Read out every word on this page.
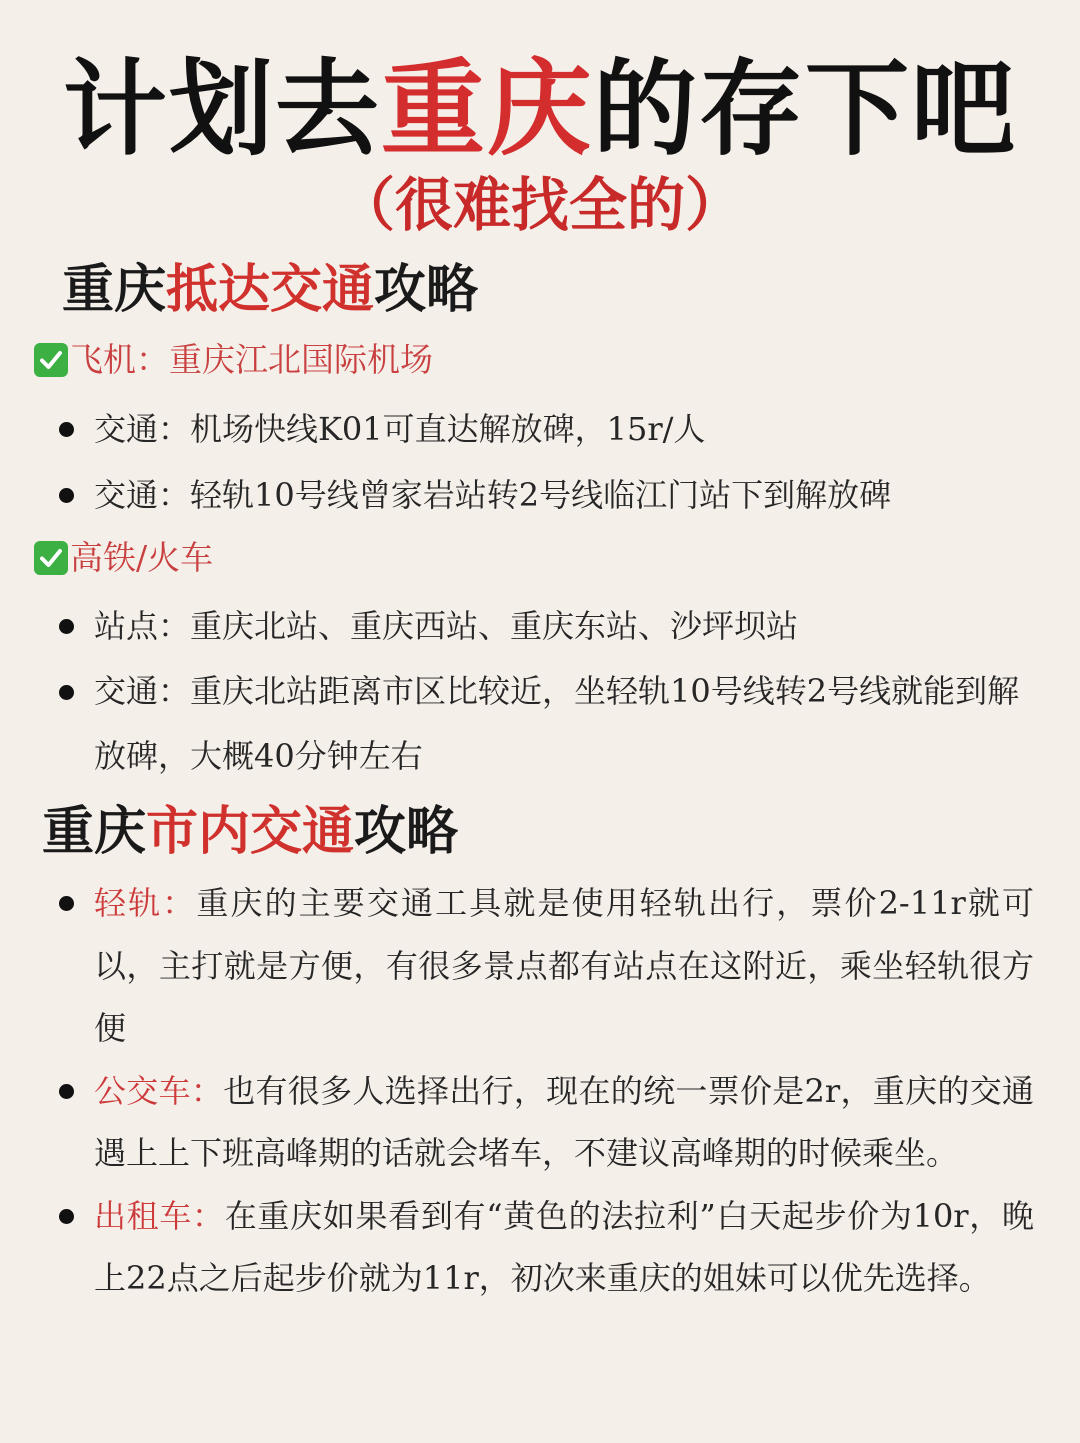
计划去重庆的存下吧
（很难找全的）
重庆抵达交通攻略
飞机：重庆江北国际机场
交通：机场快线K01可直达解放碑，15r/人
交通：轻轨10号线曾家岩站转2号线临江门站下到解放碑
高铁/火车
站点：重庆北站、重庆西站、重庆东站、沙坪坝站
交通：重庆北站距离市区比较近，坐轻轨10号线转2号线就能到解放碑，大概40分钟左右
重庆市内交通攻略
轻轨：重庆的主要交通工具就是使用轻轨出行，票价2-11r就可以，主打就是方便，有很多景点都有站点在这附近，乘坐轻轨很方便
公交车：也有很多人选择出行，现在的统一票价是2r，重庆的交通遇上上下班高峰期的话就会堵车，不建议高峰期的时候乘坐。
出租车：在重庆如果看到有“黄色的法拉利”白天起步价为10r，晚上22点之后起步价就为11r，初次来重庆的姐妹可以优先选择。
